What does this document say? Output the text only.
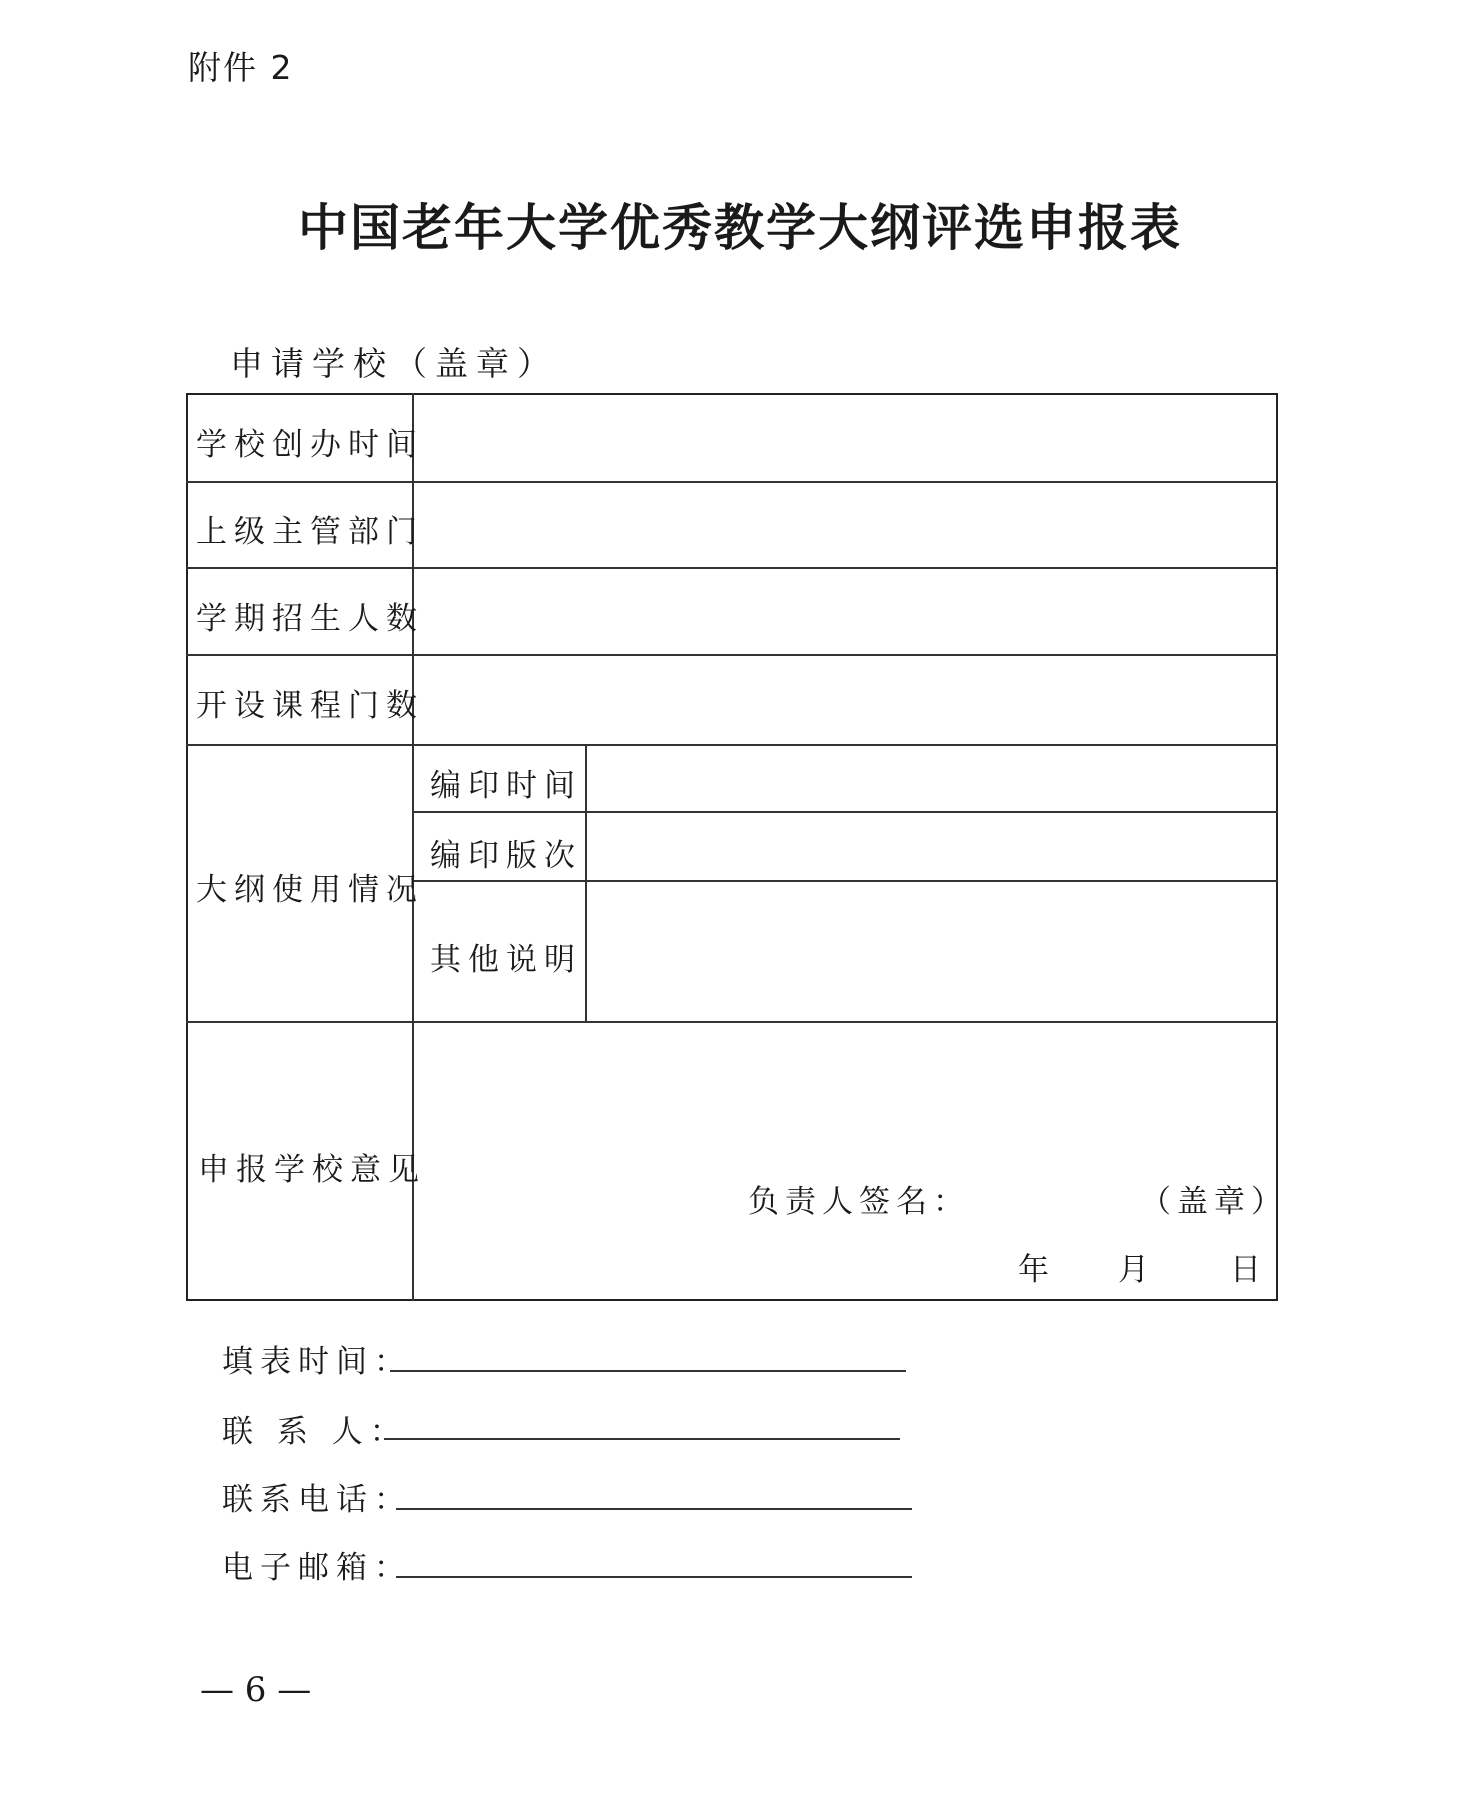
附件 2
中国老年大学优秀教学大纲评选申报表
申请学校（盖章）
学校创办时间
上级主管部门
学期招生人数
开设课程门数
大纲使用情况
编印时间
编印版次
其他说明
申报学校意见
负责人签名：	（盖章）
年 月 日
填表时间：
联 系 人：
联系电话：
电子邮箱：
— 6 —
